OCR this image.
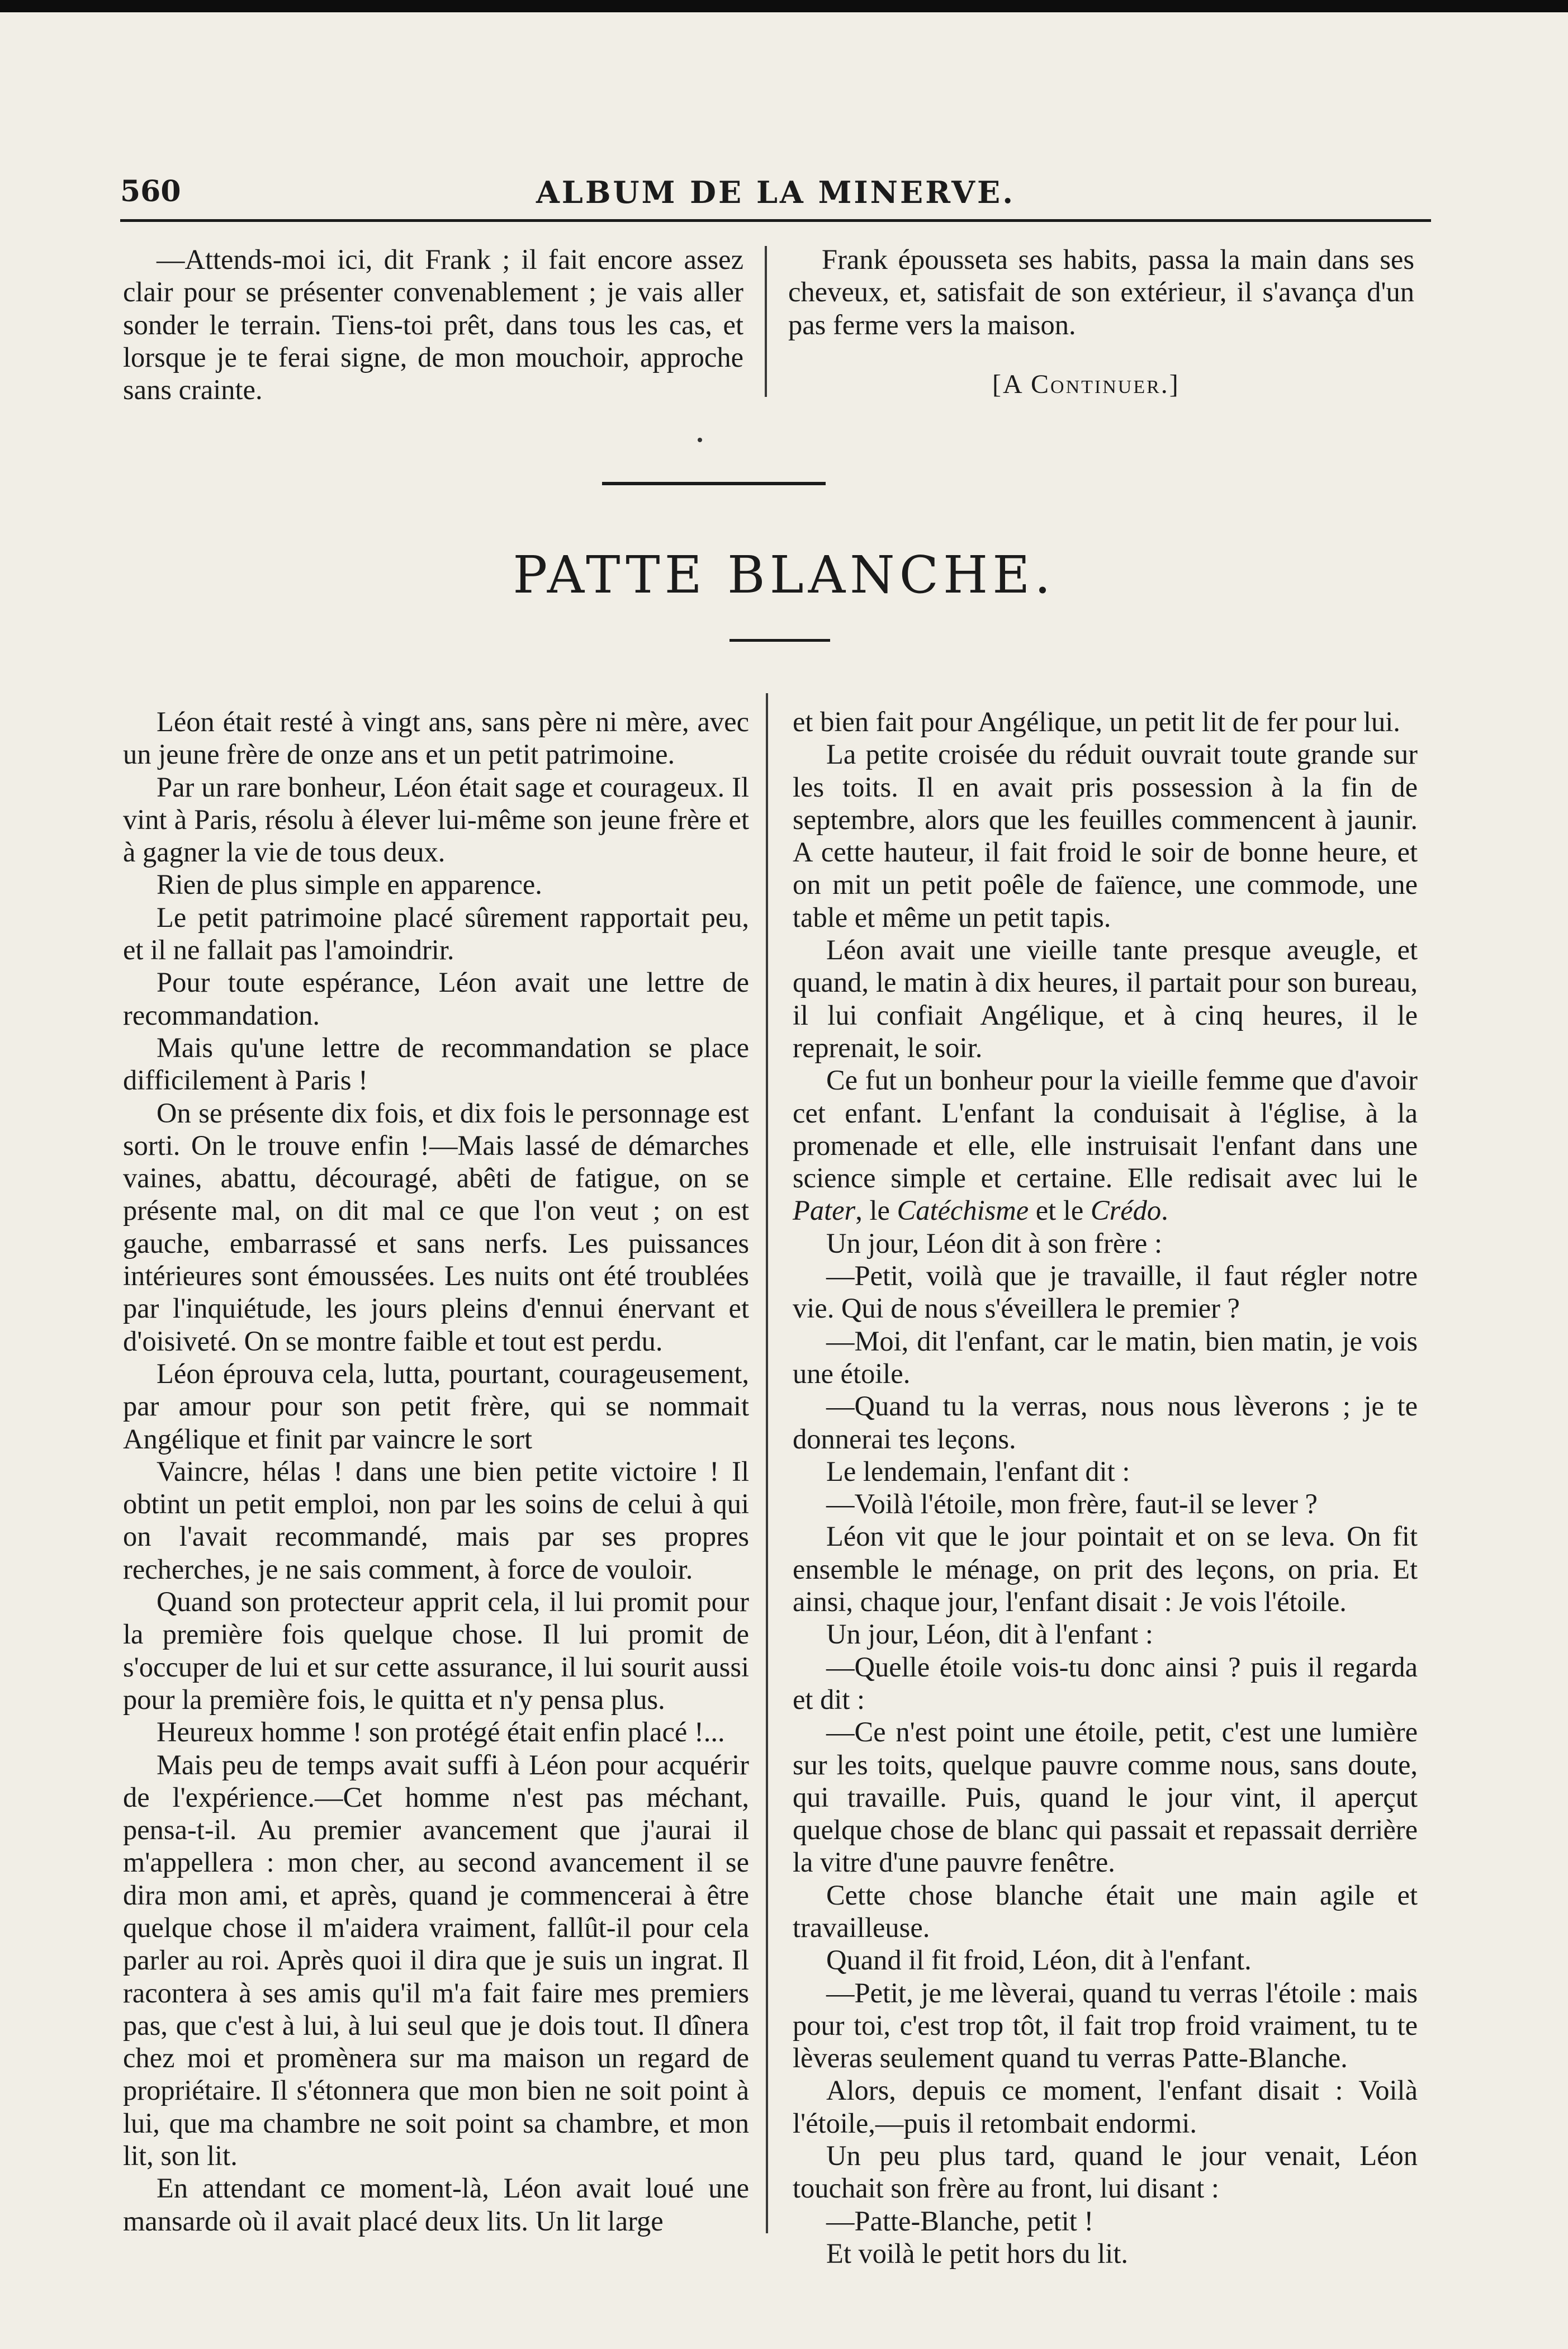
560	ALBUM DE LA MINERVE.

—Attends-moi ici, dit Frank ; il fait encore assez clair pour se présenter convenablement ; je vais aller sonder le terrain. Tiens-toi prêt, dans tous les cas, et lorsque je te ferai signe, de mon mouchoir, approche sans crainte.

Frank épousseta ses habits, passa la main dans ses cheveux, et, satisfait de son extérieur, il s'avança d'un pas ferme vers la maison.

[A Continuer.]
PATTE BLANCHE.

Léon était resté à vingt ans, sans père ni mère, avec un jeune frère de onze ans et un petit patrimoine.

Par un rare bonheur, Léon était sage et courageux. Il vint à Paris, résolu à élever lui-même son jeune frère et à gagner la vie de tous deux.

Rien de plus simple en apparence.

Le petit patrimoine placé sûrement rapportait peu, et il ne fallait pas l'amoindrir.

Pour toute espérance, Léon avait une lettre de recommandation.

Mais qu'une lettre de recommandation se place difficilement à Paris !

On se présente dix fois, et dix fois le personnage est sorti. On le trouve enfin !—Mais lassé de démarches vaines, abattu, découragé, abêti de fatigue, on se présente mal, on dit mal ce que l'on veut ; on est gauche, embarrassé et sans nerfs. Les puissances intérieures sont émoussées. Les nuits ont été troublées par l'inquiétude, les jours pleins d'ennui énervant et d'oisiveté. On se montre faible et tout est perdu.

Léon éprouva cela, lutta, pourtant, courageusement, par amour pour son petit frère, qui se nommait Angélique et finit par vaincre le sort

Vaincre, hélas ! dans une bien petite victoire ! Il obtint un petit emploi, non par les soins de celui à qui on l'avait recommandé, mais par ses propres recherches, je ne sais comment, à force de vouloir.

Quand son protecteur apprit cela, il lui promit pour la première fois quelque chose. Il lui promit de s'occuper de lui et sur cette assurance, il lui sourit aussi pour la première fois, le quitta et n'y pensa plus.

Heureux homme ! son protégé était enfin placé !...

Mais peu de temps avait suffi à Léon pour acquérir de l'expérience.—Cet homme n'est pas méchant, pensa-t-il. Au premier avancement que j'aurai il m'appellera : mon cher, au second avancement il se dira mon ami, et après, quand je commencerai à être quelque chose il m'aidera vraiment, fallût-il pour cela parler au roi. Après quoi il dira que je suis un ingrat. Il racontera à ses amis qu'il m'a fait faire mes premiers pas, que c'est à lui, à lui seul que je dois tout. Il dînera chez moi et promènera sur ma maison un regard de propriétaire. Il s'étonnera que mon bien ne soit point à lui, que ma chambre ne soit point sa chambre, et mon lit, son lit.

En attendant ce moment-là, Léon avait loué une mansarde où il avait placé deux lits. Un lit large

et bien fait pour Angélique, un petit lit de fer pour lui.

La petite croisée du réduit ouvrait toute grande sur les toits. Il en avait pris possession à la fin de septembre, alors que les feuilles commencent à jaunir. A cette hauteur, il fait froid le soir de bonne heure, et on mit un petit poêle de faïence, une commode, une table et même un petit tapis.

Léon avait une vieille tante presque aveugle, et quand, le matin à dix heures, il partait pour son bureau, il lui confiait Angélique, et à cinq heures, il le reprenait, le soir.

Ce fut un bonheur pour la vieille femme que d'avoir cet enfant. L'enfant la conduisait à l'église, à la promenade et elle, elle instruisait l'enfant dans une science simple et certaine. Elle redisait avec lui le Pater, le Catéchisme et le Crédo.

Un jour, Léon dit à son frère :

—Petit, voilà que je travaille, il faut régler notre vie. Qui de nous s'éveillera le premier ?

—Moi, dit l'enfant, car le matin, bien matin, je vois une étoile.

—Quand tu la verras, nous nous lèverons ; je te donnerai tes leçons.

Le lendemain, l'enfant dit :

—Voilà l'étoile, mon frère, faut-il se lever ?

Léon vit que le jour pointait et on se leva. On fit ensemble le ménage, on prit des leçons, on pria. Et ainsi, chaque jour, l'enfant disait : Je vois l'étoile.

Un jour, Léon, dit à l'enfant :

—Quelle étoile vois-tu donc ainsi ? puis il regarda et dit :

—Ce n'est point une étoile, petit, c'est une lumière sur les toits, quelque pauvre comme nous, sans doute, qui travaille. Puis, quand le jour vint, il aperçut quelque chose de blanc qui passait et repassait derrière la vitre d'une pauvre fenêtre.

Cette chose blanche était une main agile et travailleuse.

Quand il fit froid, Léon, dit à l'enfant.

—Petit, je me lèverai, quand tu verras l'étoile : mais pour toi, c'est trop tôt, il fait trop froid vraiment, tu te lèveras seulement quand tu verras Patte-Blanche.

Alors, depuis ce moment, l'enfant disait : Voilà l'étoile,—puis il retombait endormi.

Un peu plus tard, quand le jour venait, Léon touchait son frère au front, lui disant :

—Patte-Blanche, petit !

Et voilà le petit hors du lit.
